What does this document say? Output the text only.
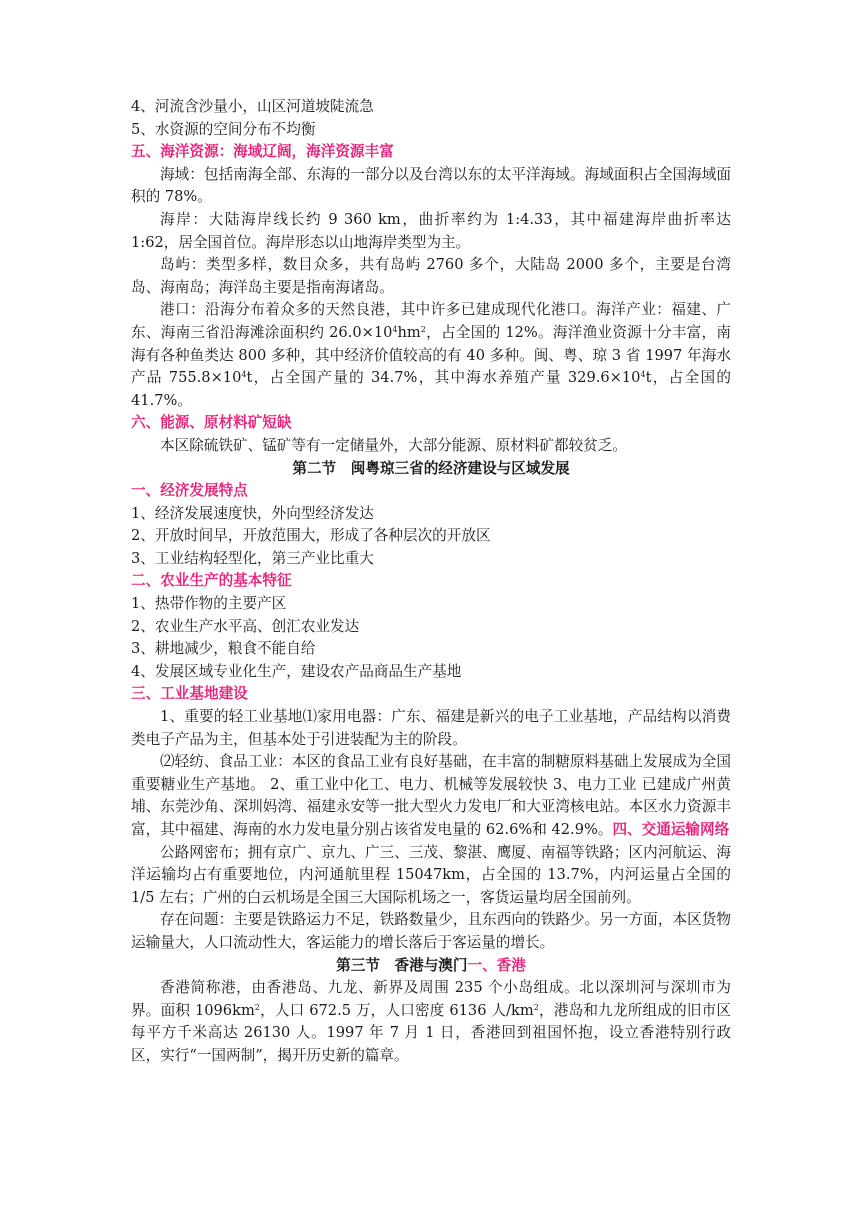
4、河流含沙量小，山区河道坡陡流急
5、水资源的空间分布不均衡
五、海洋资源：海域辽阔，海洋资源丰富
海域：包括南海全部、东海的一部分以及台湾以东的太平洋海域。海域面积占全国海域面积的 78%。
海岸：大陆海岸线长约 9 360 km，曲折率约为 1:4.33，其中福建海岸曲折率达 1:62，居全国首位。海岸形态以山地海岸类型为主。
岛屿：类型多样，数目众多，共有岛屿 2760 多个，大陆岛 2000 多个，主要是台湾岛、海南岛；海洋岛主要是指南海诸岛。
港口：沿海分布着众多的天然良港，其中许多已建成现代化港口。海洋产业：福建、广东、海南三省沿海滩涂面积约 $26.0\times 10^4hm^2$，占全国的 12%。海洋渔业资源十分丰富，南海有各种鱼类达 800 多种，其中经济价值较高的有 40 多种。闽、粤、琼 3 省 1997 年海水产品 $755.8\times 10^4t$，占全国产量的 34.7%，其中海水养殖产量 $329.6\times 10^4t$，占全国的 41.7%。
六、能源、原材料矿短缺
本区除硫铁矿、锰矿等有一定储量外，大部分能源、原材料矿都较贫乏。
第二节　闽粤琼三省的经济建设与区域发展
一、经济发展特点
1、经济发展速度快，外向型经济发达
2、开放时间早，开放范围大，形成了各种层次的开放区
3、工业结构轻型化，第三产业比重大
二、农业生产的基本特征
1、热带作物的主要产区
2、农业生产水平高、创汇农业发达
3、耕地减少，粮食不能自给
4、发展区域专业化生产，建设农产品商品生产基地
三、工业基地建设
1、重要的轻工业基地⑴家用电器：广东、福建是新兴的电子工业基地，产品结构以消费类电子产品为主，但基本处于引进装配为主的阶段。
⑵轻纺、食品工业：本区的食品工业有良好基础，在丰富的制糖原料基础上发展成为全国重要糖业生产基地。 2、重工业中化工、电力、机械等发展较快 3、电力工业 已建成广州黄埔、东莞沙角、深圳妈湾、福建永安等一批大型火力发电厂和大亚湾核电站。本区水力资源丰富，其中福建、海南的水力发电量分别占该省发电量的 62.6%和 42.9%。四、交通运输网络
公路网密布；拥有京广、京九、广三、三茂、黎湛、鹰厦、南福等铁路；区内河航运、海洋运输均占有重要地位，内河通航里程 15047km，占全国的 13.7%，内河运量占全国的 1/5 左右；广州的白云机场是全国三大国际机场之一，客货运量均居全国前列。
存在问题：主要是铁路运力不足，铁路数量少，且东西向的铁路少。另一方面，本区货物运输量大，人口流动性大，客运能力的增长落后于客运量的增长。
第三节　香港与澳门一、香港
香港简称港，由香港岛、九龙、新界及周围 235 个小岛组成。北以深圳河与深圳市为界。面积 $1096km^2$，人口 672.5 万，人口密度 6136 人$/km^2$，港岛和九龙所组成的旧市区每平方千米高达 26130 人。1997 年 7 月 1 日，香港回到祖国怀抱，设立香港特别行政区，实行“一国两制”，揭开历史新的篇章。
